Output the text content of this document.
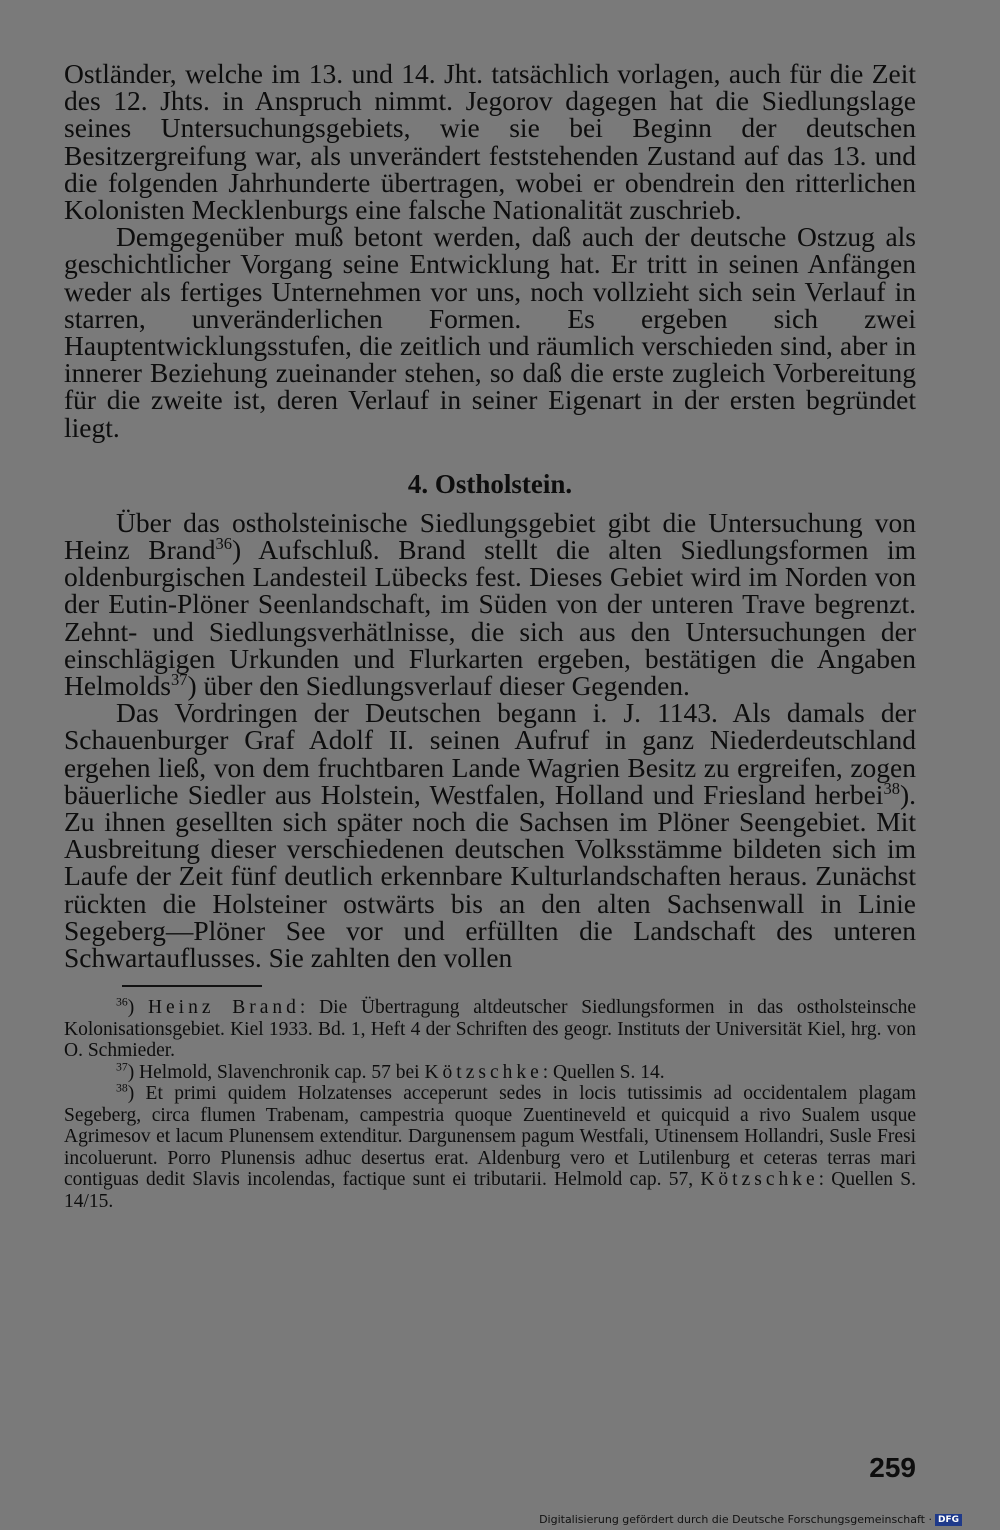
Ostländer, welche im 13. und 14. Jht. tatsächlich vorlagen, auch für die Zeit des 12. Jhts. in Anspruch nimmt. Jegorov dagegen hat die Siedlungslage seines Untersuchungsgebiets, wie sie bei Beginn der deutschen Besitzergreifung war, als unverändert feststehenden Zustand auf das 13. und die folgenden Jahrhunderte übertragen, wobei er obendrein den ritterlichen Kolonisten Mecklenburgs eine falsche Nationalität zuschrieb.

Demgegenüber muß betont werden, daß auch der deutsche Ostzug als geschichtlicher Vorgang seine Entwicklung hat. Er tritt in seinen Anfängen weder als fertiges Unternehmen vor uns, noch vollzieht sich sein Verlauf in starren, unveränderlichen Formen. Es ergeben sich zwei Hauptentwicklungsstufen, die zeitlich und räumlich verschieden sind, aber in innerer Beziehung zueinander stehen, so daß die erste zugleich Vorbereitung für die zweite ist, deren Verlauf in seiner Eigenart in der ersten begründet liegt.

4. Ostholstein.

Über das ostholsteinische Siedlungsgebiet gibt die Untersuchung von Heinz Brand$^{36}$) Aufschluß. Brand stellt die alten Siedlungsformen im oldenburgischen Landesteil Lübecks fest. Dieses Gebiet wird im Norden von der Eutin-Plöner Seenlandschaft, im Süden von der unteren Trave begrenzt. Zehnt- und Siedlungsverhätlnisse, die sich aus den Untersuchungen der einschlägigen Urkunden und Flurkarten ergeben, bestätigen die Angaben Helmolds$^{37}$) über den Siedlungsverlauf dieser Gegenden.

Das Vordringen der Deutschen begann i. J. 1143. Als damals der Schauenburger Graf Adolf II. seinen Aufruf in ganz Niederdeutschland ergehen ließ, von dem fruchtbaren Lande Wagrien Besitz zu ergreifen, zogen bäuerliche Siedler aus Holstein, Westfalen, Holland und Friesland herbei$^{38}$). Zu ihnen gesellten sich später noch die Sachsen im Plöner Seengebiet. Mit Ausbreitung dieser verschiedenen deutschen Volksstämme bildeten sich im Laufe der Zeit fünf deutlich erkennbare Kulturlandschaften heraus. Zunächst rückten die Holsteiner ostwärts bis an den alten Sachsenwall in Linie Segeberg—Plöner See vor und erfüllten die Landschaft des unteren Schwartauflusses. Sie zahlten den vollen

$^{36}$) Heinz Brand: Die Übertragung altdeutscher Siedlungsformen in das ostholsteinsche Kolonisationsgebiet. Kiel 1933. Bd. 1, Heft 4 der Schriften des geogr. Instituts der Universität Kiel, hrg. von O. Schmieder.

$^{37}$) Helmold, Slavenchronik cap. 57 bei Kötzschke: Quellen S. 14.

$^{38}$) Et primi quidem Holzatenses acceperunt sedes in locis tutissimis ad occidentalem plagam Segeberg, circa flumen Trabenam, campestria quoque Zuentineveld et quicquid a rivo Sualem usque Agrimesov et lacum Plunensem extenditur. Dargunensem pagum Westfali, Utinensem Hollandri, Susle Fresi incoluerunt. Porro Plunensis adhuc desertus erat. Aldenburg vero et Lutilenburg et ceteras terras mari contiguas dedit Slavis incolendas, factique sunt ei tributarii. Helmold cap. 57, Kötzschke: Quellen S. 14/15.

259
Digitalisierung gefördert durch die Deutsche Forschungsgemeinschaft · DFG
